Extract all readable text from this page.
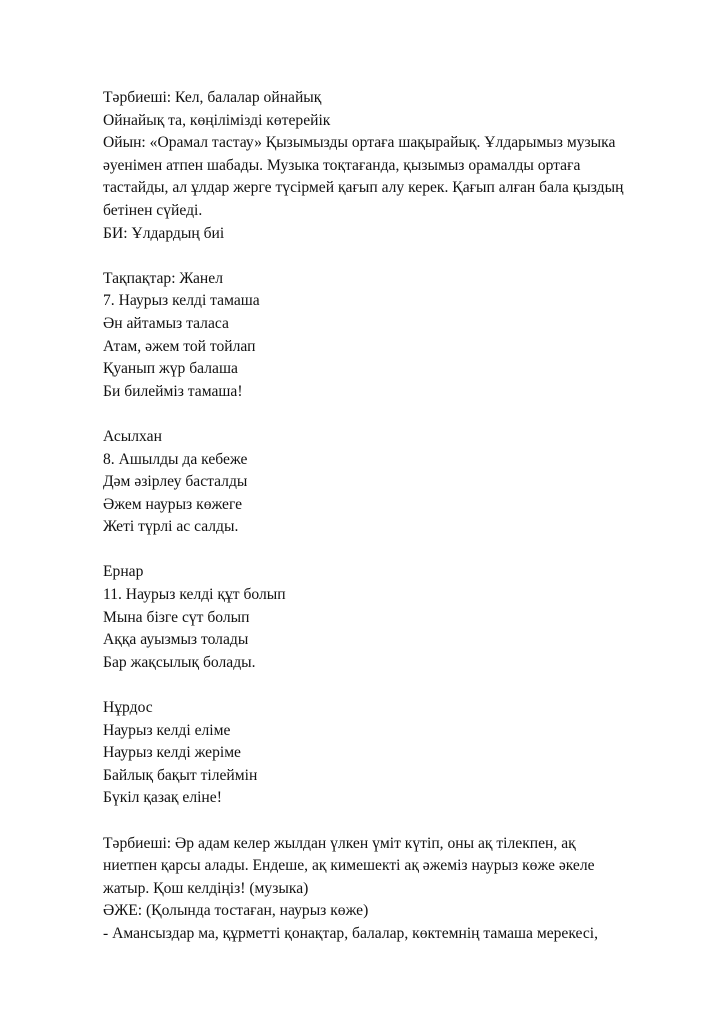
Тәрбиеші: Кел, балалар ойнайық
Ойнайық та, көңілімізді көтерейік
Ойын: «Орамал тастау» Қызымызды ортаға шақырайық. Ұлдарымыз музыка
әуенімен атпен шабады. Музыка тоқтағанда, қызымыз орамалды ортаға
тастайды, ал ұлдар жерге түсірмей қағып алу керек. Қағып алған бала қыздың
бетінен сүйеді.
БИ: Ұлдардың биі
Тақпақтар: Жанел
7. Наурыз келді тамаша
Ән айтамыз таласа
Атам, әжем той тойлап
Қуанып жүр балаша
Би билейміз тамаша!
Асылхан
8. Ашылды да кебеже
Дәм әзірлеу басталды
Әжем наурыз көжеге
Жеті түрлі ас салды.
Ернар
11. Наурыз келді құт болып
Мына бізге сүт болып
Аққа ауызмыз толады
Бар жақсылық болады.
Нұрдос
Наурыз келді еліме
Наурыз келді жеріме
Байлық бақыт тілеймін
Бүкіл қазақ еліне!
Тәрбиеші: Әр адам келер жылдан үлкен үміт күтіп, оны ақ тілекпен, ақ
ниетпен қарсы алады. Ендеше, ақ кимешекті ақ әжеміз наурыз көже әкеле
жатыр. Қош келдіңіз! (музыка)
ӘЖЕ: (Қолында тостаған, наурыз көже)
- Амансыздар ма, құрметті қонақтар, балалар, көктемнің тамаша мерекесі,
